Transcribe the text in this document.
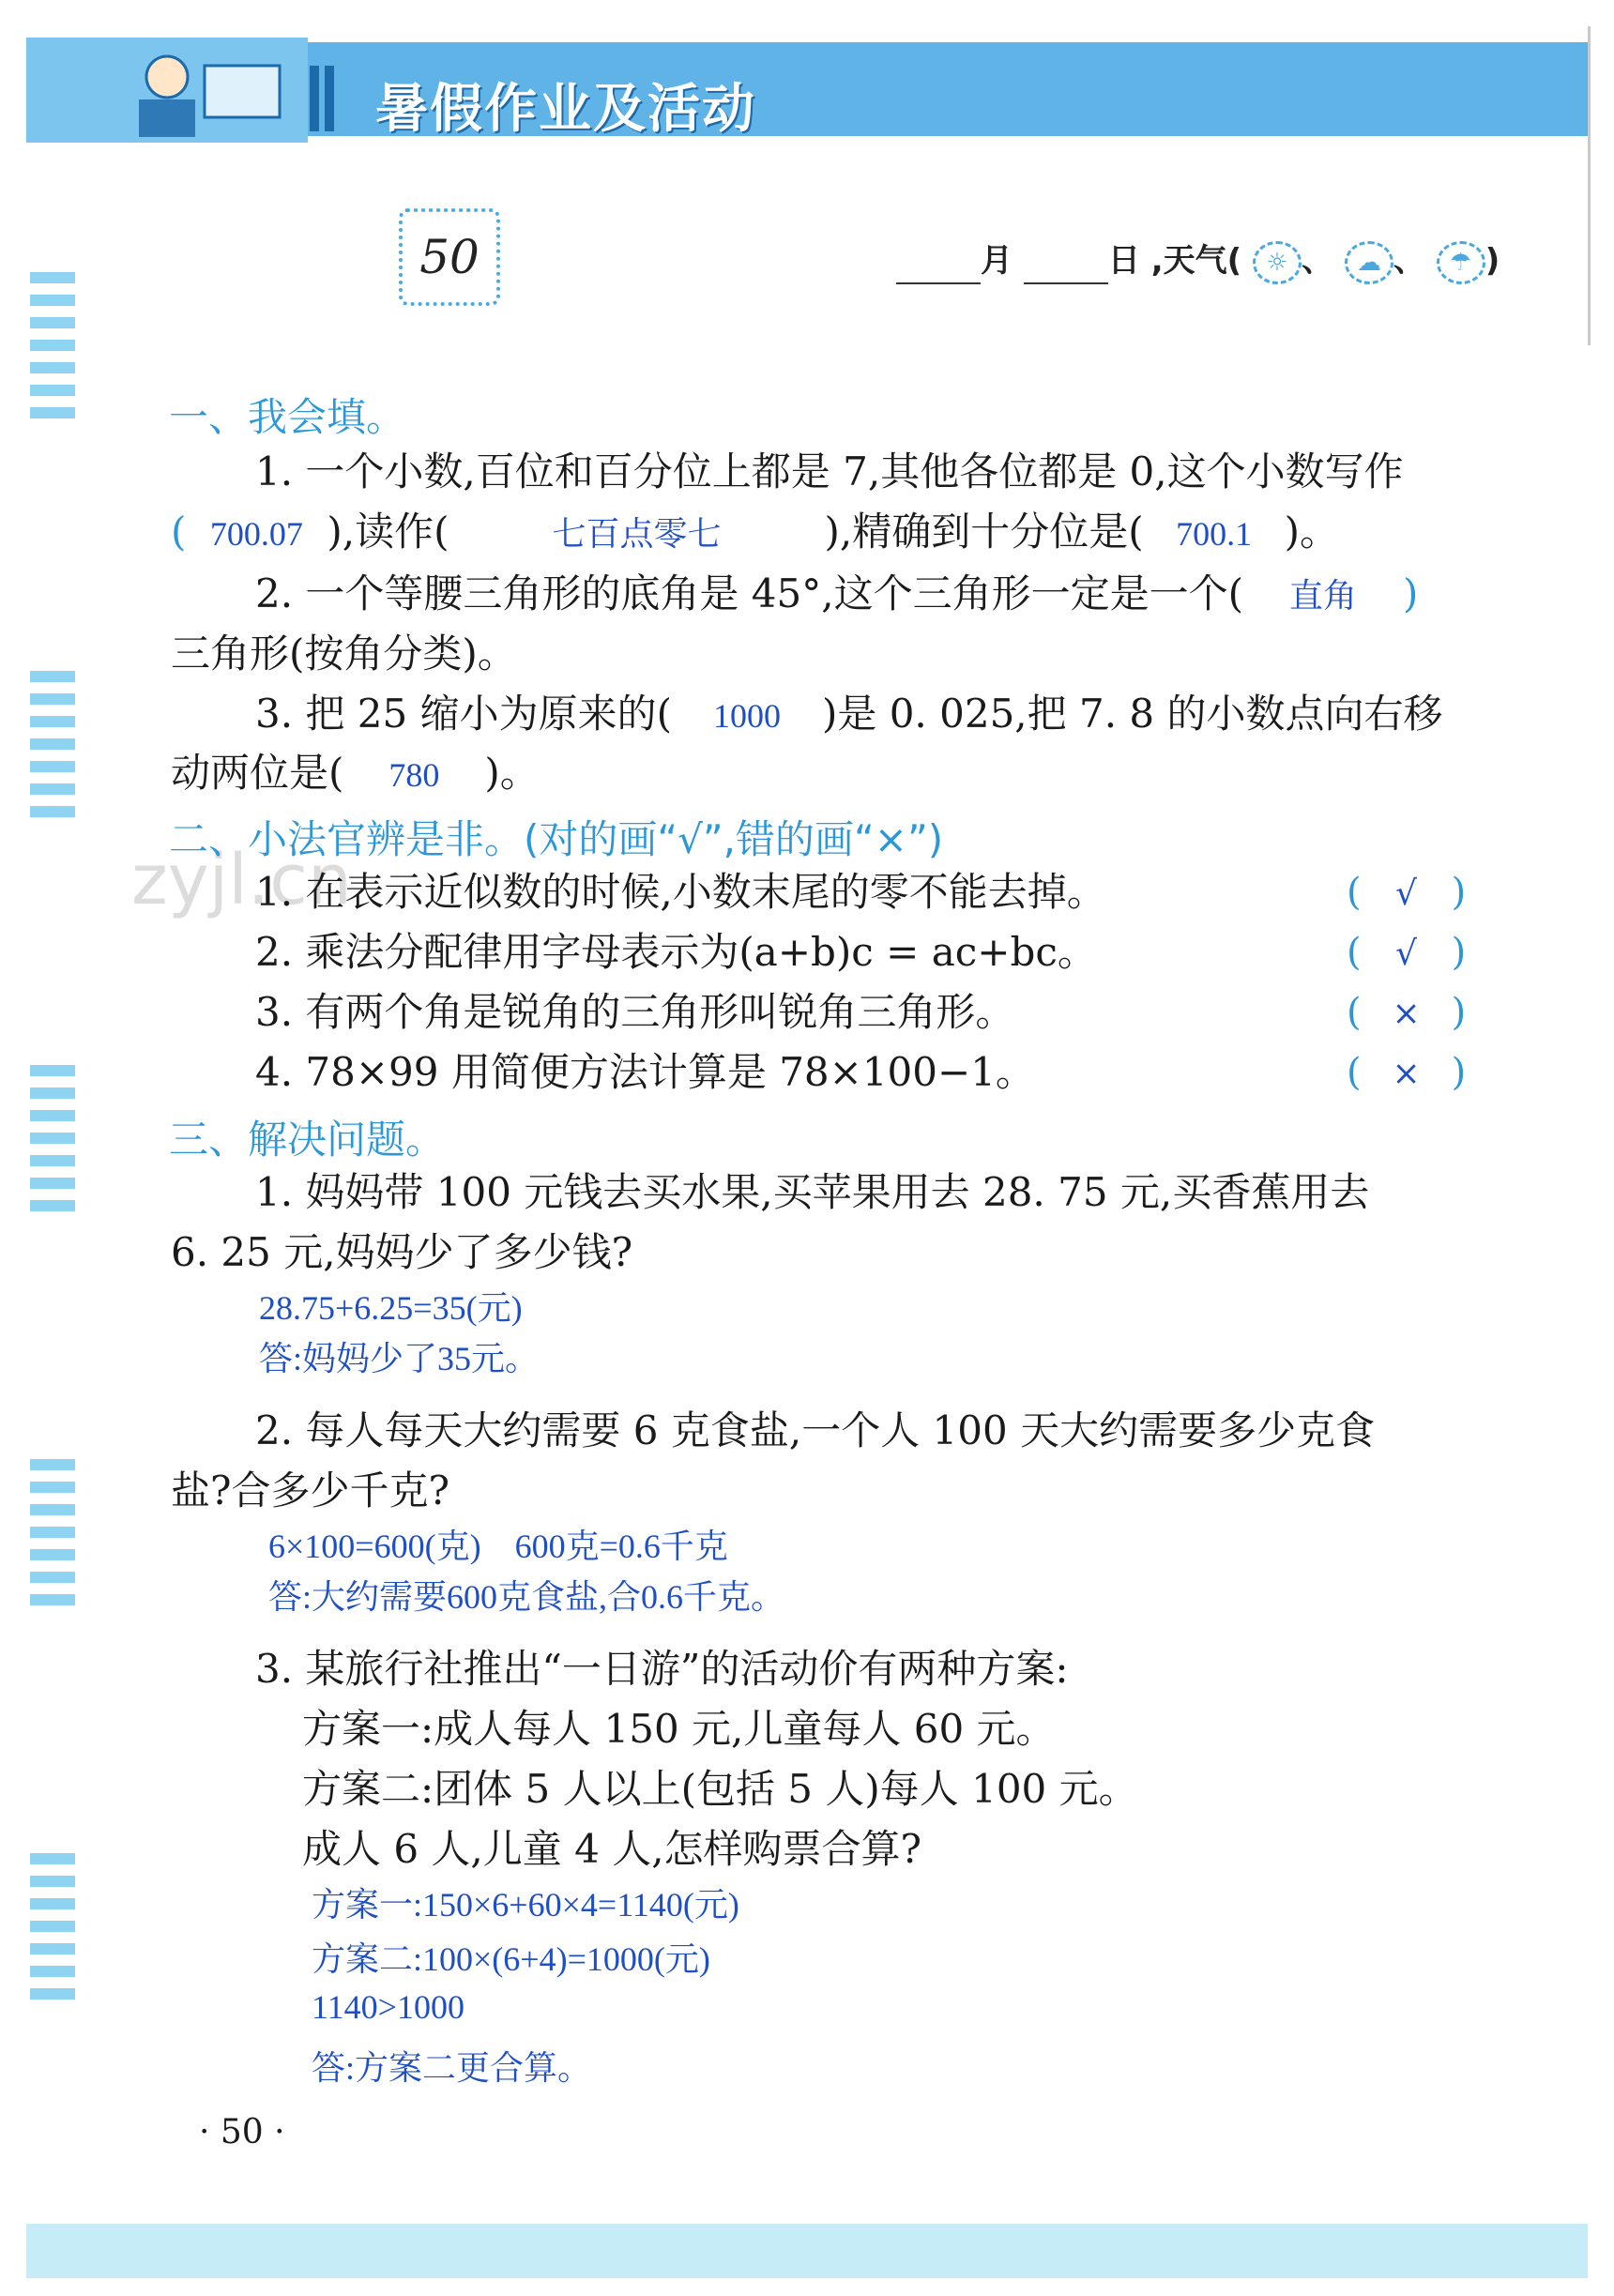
暑假作业及活动
50	月	日 ,天气( ☼ 、 ☁ 、 ☂ )
zyjl.cn
一、我会填。
1. 一个小数,百位和百分位上都是 7,其他各位都是 0,这个小数写作
( 700.07 ),读作(	七百点零七	),精确到十分位是( 700.1 )。
2. 一个等腰三角形的底角是 45°,这个三角形一定是一个( 直角 )
三角形(按角分类)。
3. 把 25 缩小为原来的( 1000 )是 0. 025,把 7. 8 的小数点向右移
动两位是( 780 )。
二、小法官辨是非。(对的画“√”,错的画“×”)
1. 在表示近似数的时候,小数末尾的零不能去掉。	( √ )
2. 乘法分配律用字母表示为(a+b)c = ac+bc。	( √ )
3. 有两个角是锐角的三角形叫锐角三角形。	( × )
4. 78×99 用简便方法计算是 78×100−1。	( × )
三、解决问题。
1. 妈妈带 100 元钱去买水果,买苹果用去 28. 75 元,买香蕉用去
6. 25 元,妈妈少了多少钱?
28.75+6.25=35(元)
答:妈妈少了35元。
2. 每人每天大约需要 6 克食盐,一个人 100 天大约需要多少克食
盐?合多少千克?
6×100=600(克)    600克=0.6千克
答:大约需要600克食盐,合0.6千克。
3. 某旅行社推出“一日游”的活动价有两种方案:
方案一:成人每人 150 元,儿童每人 60 元。
方案二:团体 5 人以上(包括 5 人)每人 100 元。
成人 6 人,儿童 4 人,怎样购票合算?
方案一:150×6+60×4=1140(元)
方案二:100×(6+4)=1000(元)
1140>1000
答:方案二更合算。
· 50 ·
